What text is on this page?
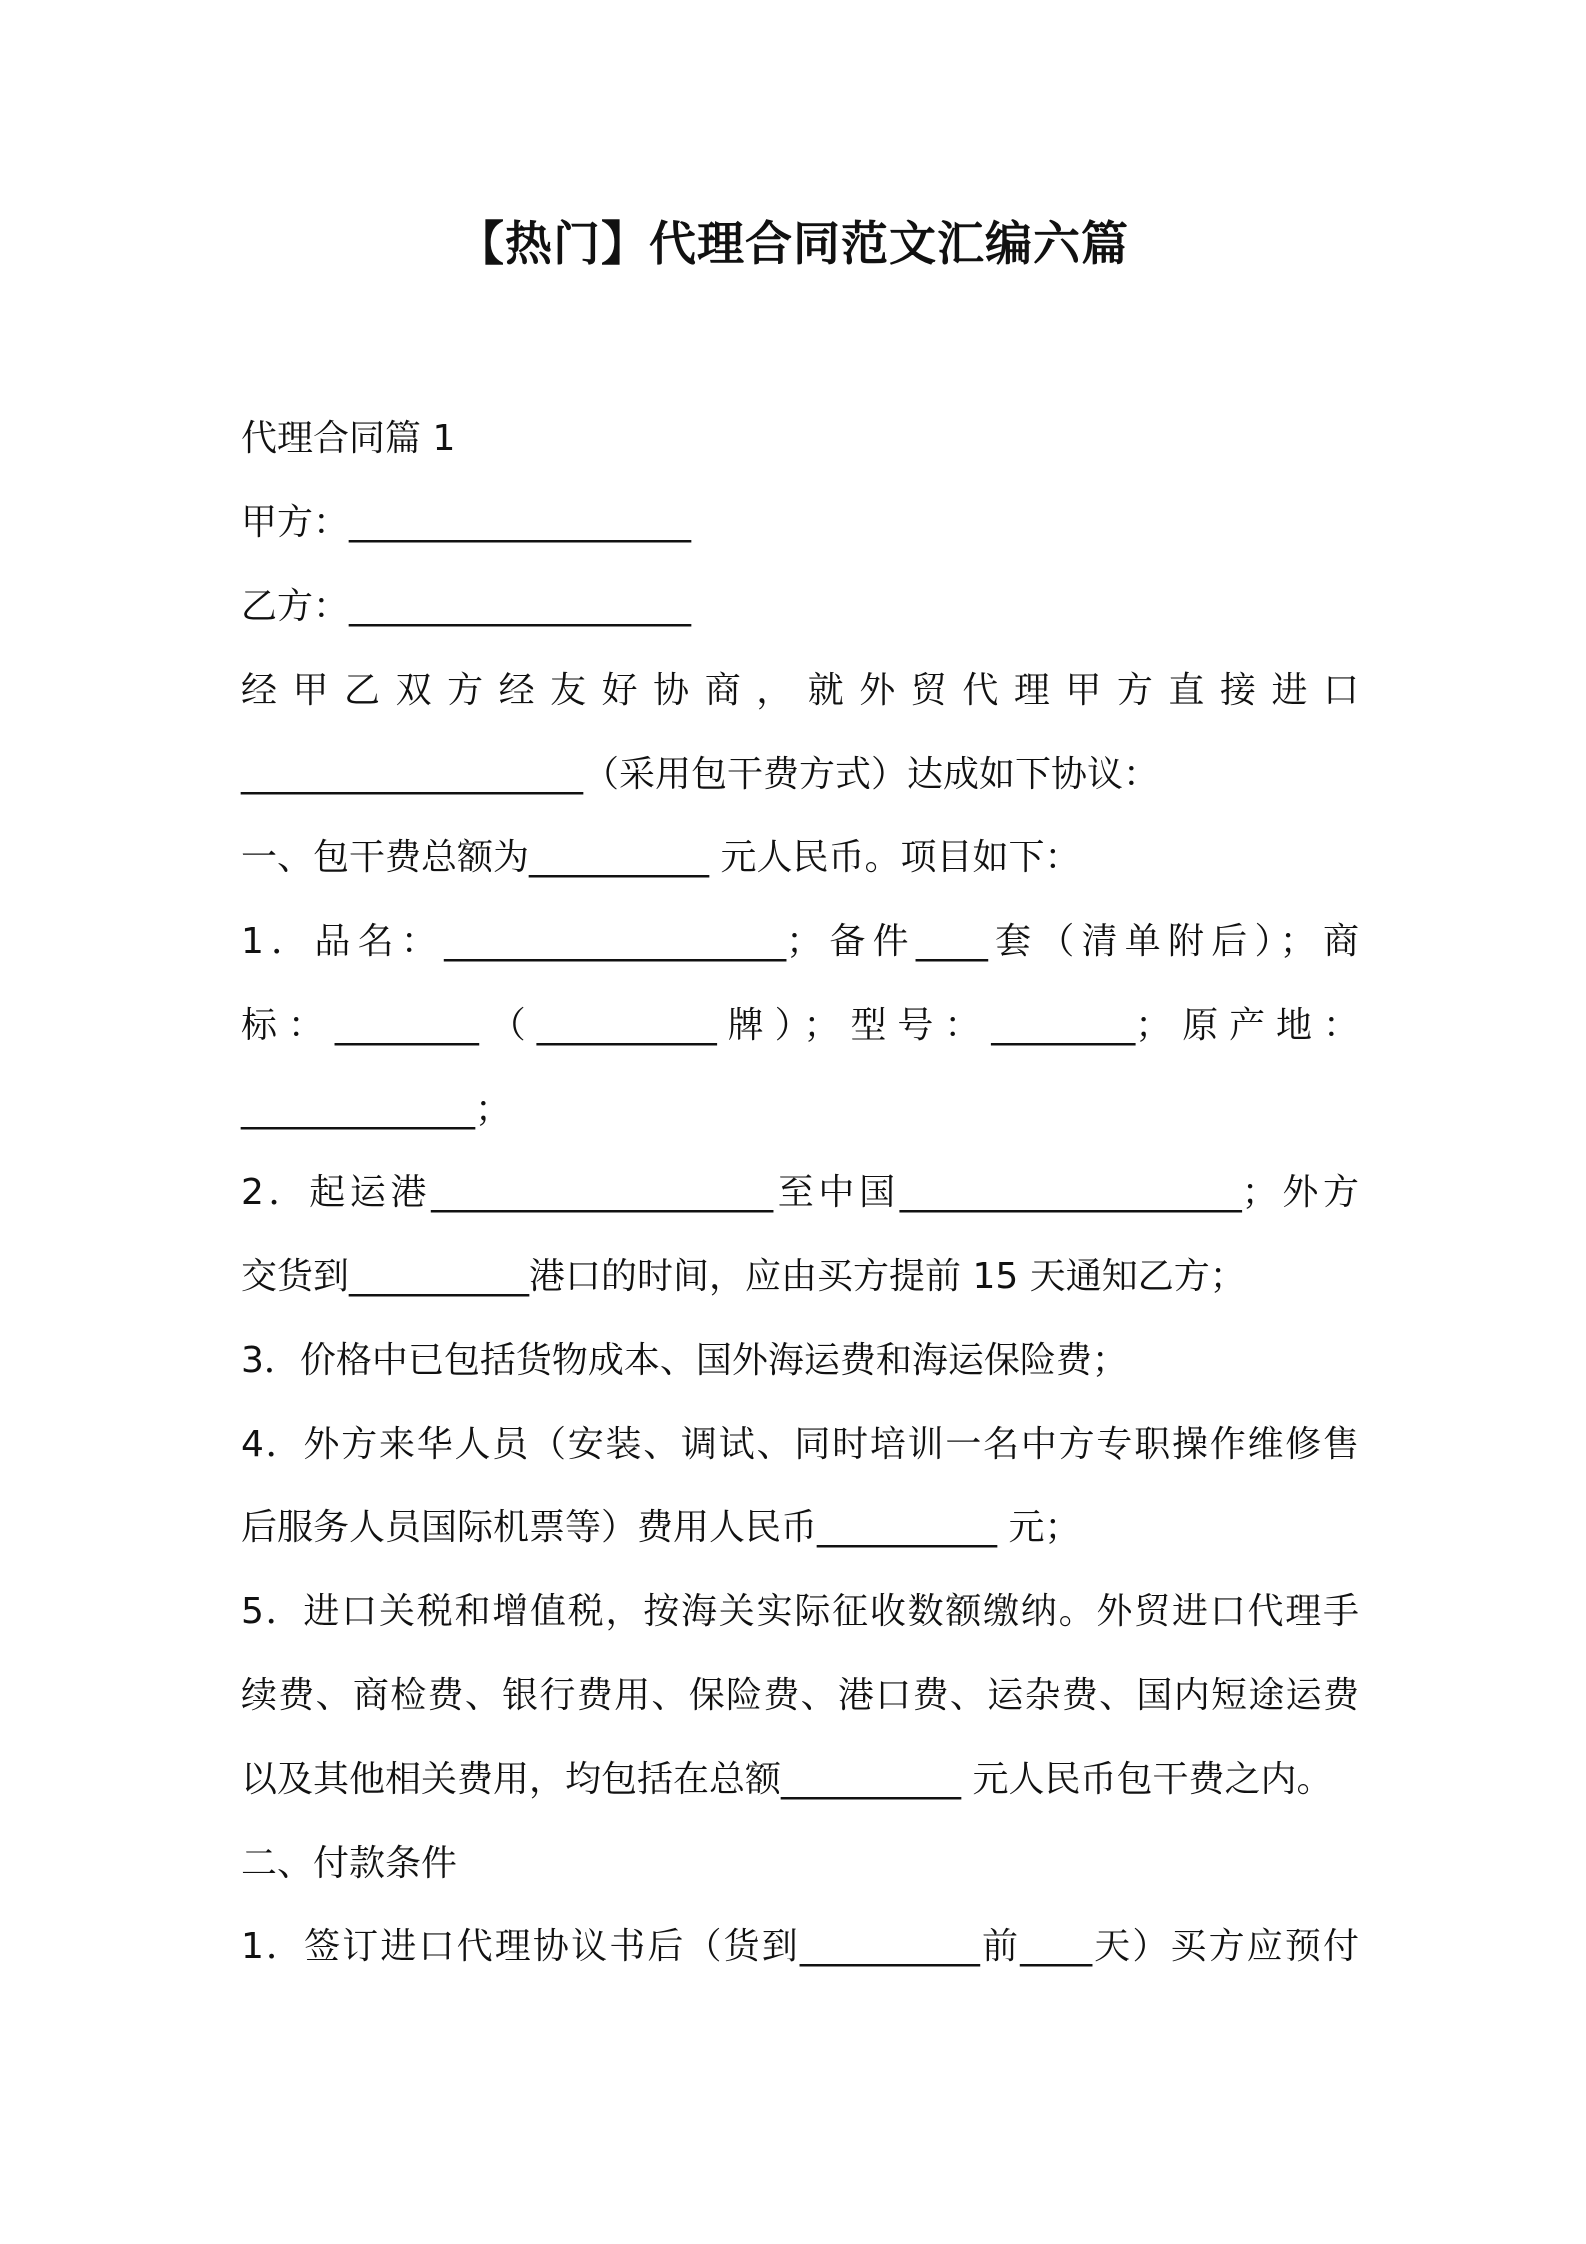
【热门】代理合同范文汇编六篇
代理合同篇 1
甲方：___________________
乙方：___________________
经甲乙双方经友好协商，就外贸代理甲方直接进口
___________________（采用包干费方式）达成如下协议：
一、包干费总额为__________ 元人民币。项目如下：
1．品名：___________________；备件____套（清单附后）；商
标：________（__________牌）；型号：________；原产地：
_____________；
2．起运港___________________至中国___________________；外方
交货到__________港口的时间，应由买方提前 15 天通知乙方；
3．价格中已包括货物成本、国外海运费和海运保险费；
4．外方来华人员（安装、调试、同时培训一名中方专职操作维修售
后服务人员国际机票等）费用人民币__________ 元；
5．进口关税和增值税，按海关实际征收数额缴纳。外贸进口代理手
续费、商检费、银行费用、保险费、港口费、运杂费、国内短途运费
以及其他相关费用，均包括在总额__________ 元人民币包干费之内。
二、付款条件
1．签订进口代理协议书后（货到__________前____天）买方应预付
